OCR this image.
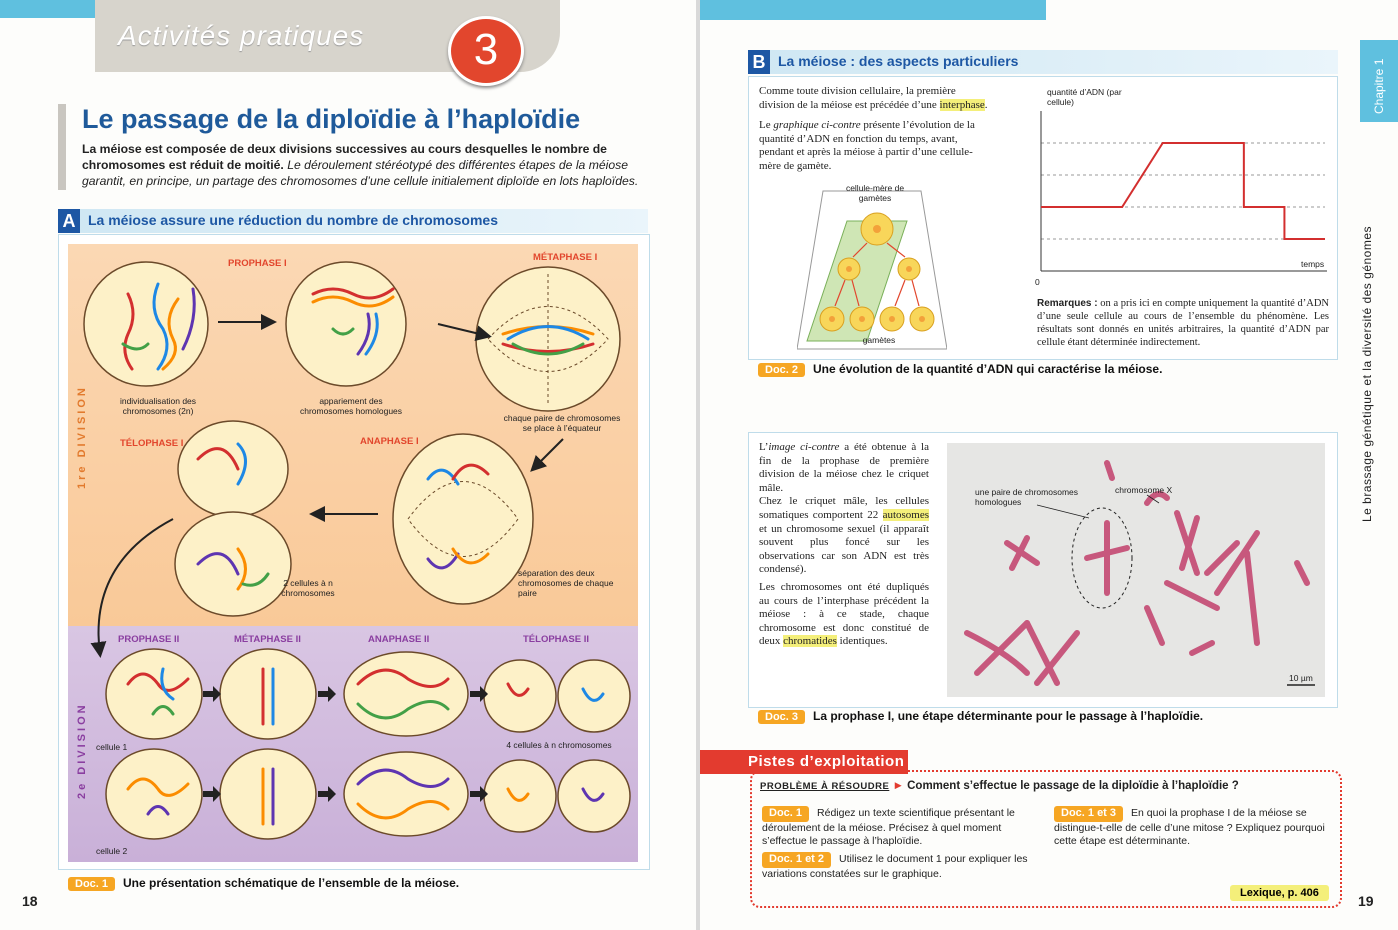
Activités pratiques	3
Le passage de la diploïdie à l’haploïdie
La méiose est composée de deux divisions successives au cours desquelles le nombre de chromosomes est réduit de moitié. Le déroulement stéréotypé des différentes étapes de la méiose garantit, en principe, un partage des chromosomes d’une cellule initialement diploïde en lots haploïdes.
A La méiose assure une réduction du nombre de chromosomes
1re DIVISION
2e DIVISION
PROPHASE I
MÉTAPHASE I
ANAPHASE I
TÉLOPHASE I
individualisation des chromosomes (2n)
appariement des chromosomes homologues
chaque paire de chromosomes se place à l’équateur
séparation des deux chromosomes de chaque paire
2 cellules à n chromosomes
PROPHASE II	MÉTAPHASE II	ANAPHASE II	TÉLOPHASE II
cellule 1
cellule 2
4 cellules à n chromosomes
Doc. 1 Une présentation schématique de l’ensemble de la méiose.
18
Chapitre 1
Le brassage génétique et la diversité des génomes
B La méiose : des aspects particuliers
Comme toute division cellulaire, la première division de la méiose est précédée d’une interphase.
Le graphique ci-contre présente l’évolution de la quantité d’ADN en fonction du temps, avant, pendant et après la méiose à partir d’une cellule-mère de gamète.
cellule-mère de gamètes
gamètes
quantité d’ADN (par cellule)
temps
0
Remarques : on a pris ici en compte uniquement la quantité d’ADN d’une seule cellule au cours de l’ensemble du phénomène. Les résultats sont donnés en unités arbitraires, la quantité d’ADN par cellule étant déterminée indirectement.
Doc. 2 Une évolution de la quantité d’ADN qui caractérise la méiose.
L’image ci-contre a été obtenue à la fin de la prophase de première division de la méiose chez le criquet mâle.
Chez le criquet mâle, les cellules somatiques comportent 22 autosomes et un chromosome sexuel (il apparaît souvent plus foncé sur les observations car son ADN est très condensé).

Les chromosomes ont été dupliqués au cours de l’interphase précédent la méiose : à ce stade, chaque chromosome est donc constitué de deux chromatides identiques.
une paire de chromosomes homologues
chromosome X
10 µm
Doc. 3 La prophase I, une étape déterminante pour le passage à l’haploïdie.
Pistes d’exploitation
PROBLÈME À RÉSOUDRE ► Comment s’effectue le passage de la diploïdie à l’haploïdie ?
Doc. 1 Rédigez un texte scientifique présentant le déroulement de la méiose. Précisez à quel moment s’effectue le passage à l’haploïdie.
Doc. 1 et 2 Utilisez le document 1 pour expliquer les variations constatées sur le graphique.
Doc. 1 et 3 En quoi la prophase I de la méiose se distingue-t-elle de celle d’une mitose ? Expliquez pourquoi cette étape est déterminante.
Lexique, p. 406	19
